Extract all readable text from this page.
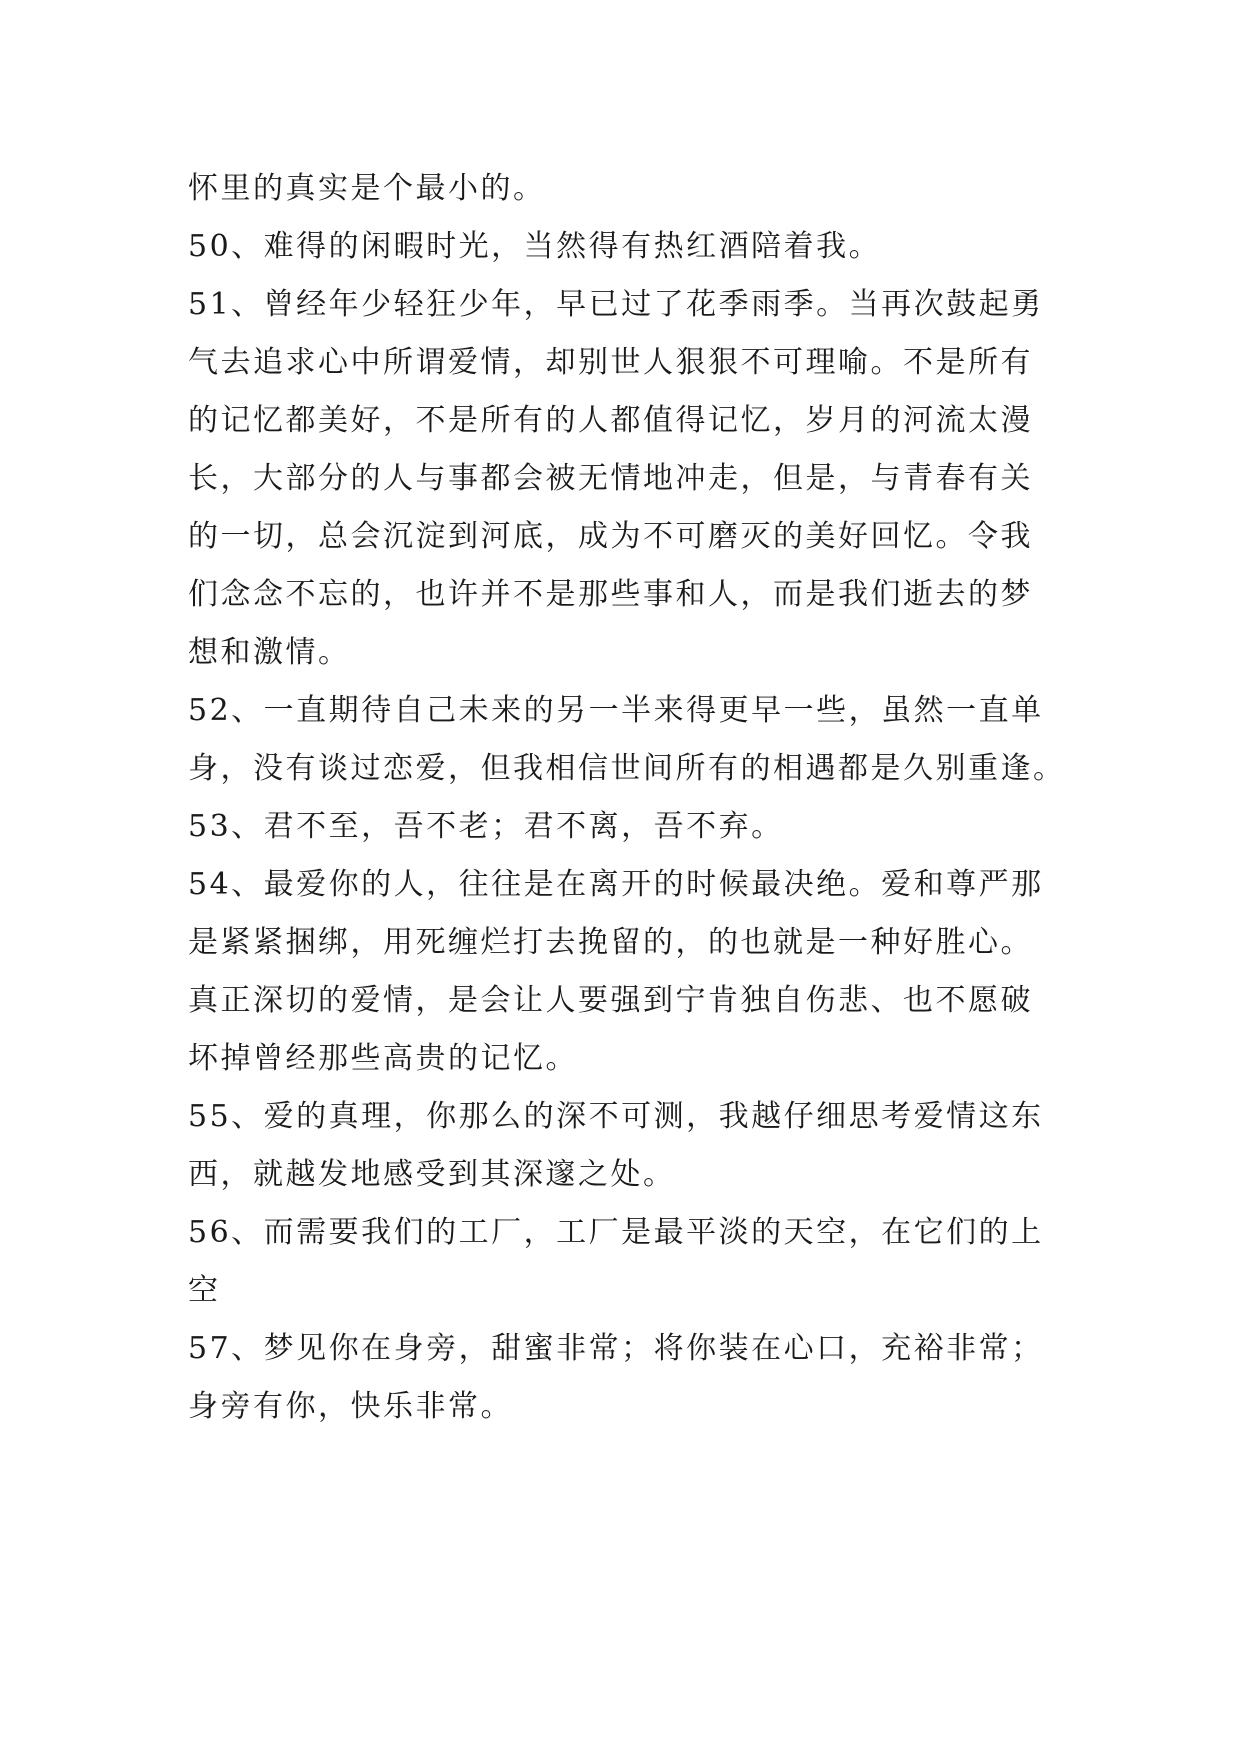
怀里的真实是个最小的。

50、难得的闲暇时光，当然得有热红酒陪着我。

51、曾经年少轻狂少年，早已过了花季雨季。当再次鼓起勇

气去追求心中所谓爱情，却别世人狠狠不可理喻。不是所有

的记忆都美好，不是所有的人都值得记忆，岁月的河流太漫

长，大部分的人与事都会被无情地冲走，但是，与青春有关

的一切，总会沉淀到河底，成为不可磨灭的美好回忆。令我

们念念不忘的，也许并不是那些事和人，而是我们逝去的梦

想和激情。

52、一直期待自己未来的另一半来得更早一些，虽然一直单

身，没有谈过恋爱，但我相信世间所有的相遇都是久别重逢。

53、君不至，吾不老；君不离，吾不弃。

54、最爱你的人，往往是在离开的时候最决绝。爱和尊严那

是紧紧捆绑，用死缠烂打去挽留的，的也就是一种好胜心。

真正深切的爱情，是会让人要强到宁肯独自伤悲、也不愿破

坏掉曾经那些高贵的记忆。

55、爱的真理，你那么的深不可测，我越仔细思考爱情这东

西，就越发地感受到其深邃之处。

56、而需要我们的工厂，工厂是最平淡的天空，在它们的上

空

57、梦见你在身旁，甜蜜非常；将你装在心口，充裕非常；

身旁有你，快乐非常。
